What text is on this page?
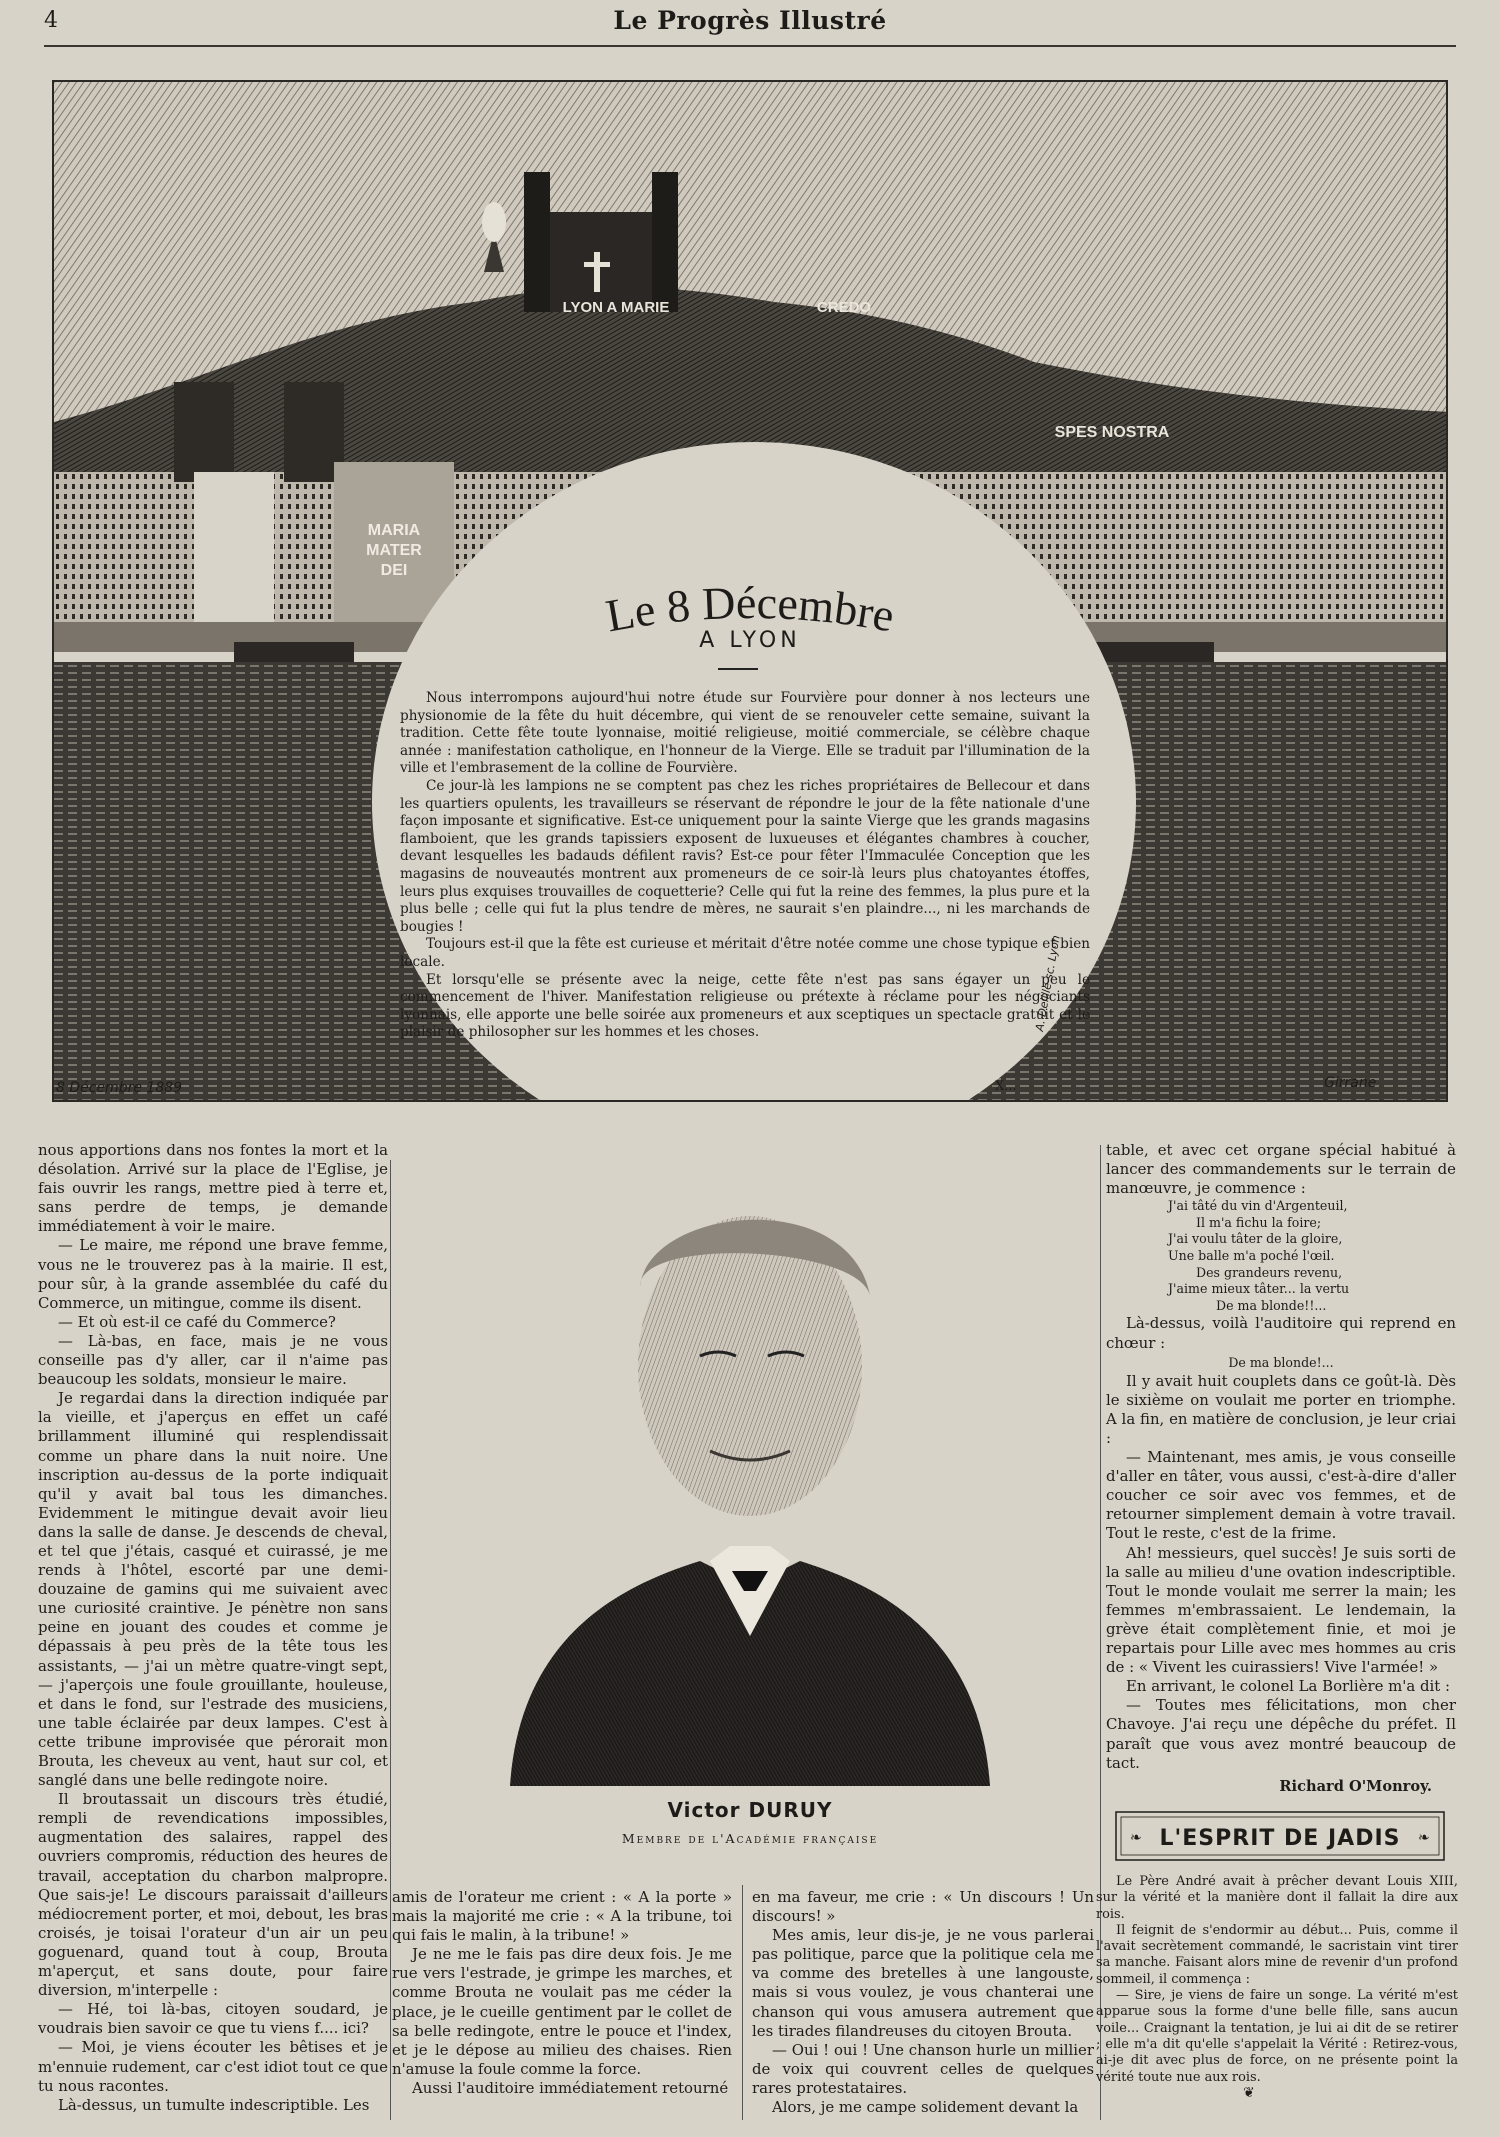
4	Le Progrès Illustré
LYON A MARIE	CREDO
SPES NOSTRA
MARIA
MATER
DEI
Le 8 Décembre
A LYON

Nous interrompons aujourd'hui notre étude sur Fourvière pour donner à nos lecteurs une physionomie de la fête du huit décembre, qui vient de se renouveler cette semaine, suivant la tradition. Cette fête toute lyonnaise, moitié religieuse, moitié commerciale, se célèbre chaque année : manifestation catholique, en l'honneur de la Vierge. Elle se traduit par l'illumination de la ville et l'embrasement de la colline de Fourvière.

Ce jour-là les lampions ne se comptent pas chez les riches propriétaires de Bellecour et dans les quartiers opulents, les travailleurs se réservant de répondre le jour de la fête nationale d'une façon imposante et significative. Est-ce uniquement pour la sainte Vierge que les grands magasins flamboient, que les grands tapissiers exposent de luxueuses et élégantes chambres à coucher, devant lesquelles les badauds défilent ravis? Est-ce pour fêter l'Immaculée Conception que les magasins de nouveautés montrent aux promeneurs de ce soir-là leurs plus chatoyantes étoffes, leurs plus exquises trouvailles de coquetterie? Celle qui fut la reine des femmes, la plus pure et la plus belle ; celle qui fut la plus tendre de mères, ne saurait s'en plaindre..., ni les marchands de bougies !

Toujours est-il que la fête est curieuse et méritait d'être notée comme une chose typique et bien locale.

Et lorsqu'elle se présente avec la neige, cette fête n'est pas sans égayer un peu le commencement de l'hiver. Manifestation religieuse ou prétexte à réclame pour les négociants lyonnais, elle apporte une belle soirée aux promeneurs et aux sceptiques un spectacle gratuit et le plaisir de philosopher sur les hommes et les choses.

X...
8 Décembre 1889	Girrane
A. Delille sc. Lyon

nous apportions dans nos fontes la mort et la désolation. Arrivé sur la place de l'Eglise, je fais ouvrir les rangs, mettre pied à terre et, sans perdre de temps, je demande immédiatement à voir le maire.

— Le maire, me répond une brave femme, vous ne le trouverez pas à la mairie. Il est, pour sûr, à la grande assemblée du café du Commerce, un mitingue, comme ils disent.

— Et où est-il ce café du Commerce?

— Là-bas, en face, mais je ne vous conseille pas d'y aller, car il n'aime pas beaucoup les soldats, monsieur le maire.

Je regardai dans la direction indiquée par la vieille, et j'aperçus en effet un café brillamment illuminé qui resplendissait comme un phare dans la nuit noire. Une inscription au-dessus de la porte indiquait qu'il y avait bal tous les dimanches. Evidemment le mitingue devait avoir lieu dans la salle de danse. Je descends de cheval, et tel que j'étais, casqué et cuirassé, je me rends à l'hôtel, escorté par une demi-douzaine de gamins qui me suivaient avec une curiosité craintive. Je pénètre non sans peine en jouant des coudes et comme je dépassais à peu près de la tête tous les assistants, — j'ai un mètre quatre-vingt sept, — j'aperçois une foule grouillante, houleuse, et dans le fond, sur l'estrade des musiciens, une table éclairée par deux lampes. C'est à cette tribune improvisée que pérorait mon Brouta, les cheveux au vent, haut sur col, et sanglé dans une belle redingote noire.

Il broutassait un discours très étudié, rempli de revendications impossibles, augmentation des salaires, rappel des ouvriers compromis, réduction des heures de travail, acceptation du charbon malpropre. Que sais-je! Le discours paraissait d'ailleurs médiocrement porter, et moi, debout, les bras croisés, je toisai l'orateur d'un air un peu goguenard, quand tout à coup, Brouta m'aperçut, et sans doute, pour faire diversion, m'interpelle :

— Hé, toi là-bas, citoyen soudard, je voudrais bien savoir ce que tu viens f.... ici?

— Moi, je viens écouter les bêtises et je m'ennuie rudement, car c'est idiot tout ce que tu nous racontes.

Là-dessus, un tumulte indescriptible. Les

Victor DURUY
Membre de l'Académie française

amis de l'orateur me crient : « A la porte » mais la majorité me crie : « A la tribune, toi qui fais le malin, à la tribune! »

Je ne me le fais pas dire deux fois. Je me rue vers l'estrade, je grimpe les marches, et comme Brouta ne voulait pas me céder la place, je le cueille gentiment par le collet de sa belle redingote, entre le pouce et l'index, et je le dépose au milieu des chaises. Rien n'amuse la foule comme la force.

Aussi l'auditoire immédiatement retourné

en ma faveur, me crie : « Un discours ! Un discours! »

Mes amis, leur dis-je, je ne vous parlerai pas politique, parce que la politique cela me va comme des bretelles à une langouste, mais si vous voulez, je vous chanterai une chanson qui vous amusera autrement que les tirades filandreuses du citoyen Brouta.

— Oui ! oui ! Une chanson hurle un millier de voix qui couvrent celles de quelques rares protestataires.

Alors, je me campe solidement devant la

table, et avec cet organe spécial habitué à lancer des commandements sur le terrain de manœuvre, je commence :

J'ai tâté du vin d'Argenteuil,
Il m'a fichu la foire;
J'ai voulu tâter de la gloire,
Une balle m'a poché l'œil.
Des grandeurs revenu,
J'aime mieux tâter... la vertu
De ma blonde!!...

Là-dessus, voilà l'auditoire qui reprend en chœur :

De ma blonde!...

Il y avait huit couplets dans ce goût-là. Dès le sixième on voulait me porter en triomphe. A la fin, en matière de conclusion, je leur criai :

— Maintenant, mes amis, je vous conseille d'aller en tâter, vous aussi, c'est-à-dire d'aller coucher ce soir avec vos femmes, et de retourner simplement demain à votre travail. Tout le reste, c'est de la frime.

Ah! messieurs, quel succès! Je suis sorti de la salle au milieu d'une ovation indescriptible. Tout le monde voulait me serrer la main; les femmes m'embrassaient. Le lendemain, la grève était complètement finie, et moi je repartais pour Lille avec mes hommes au cris de : « Vivent les cuirassiers! Vive l'armée! »

En arrivant, le colonel La Borlière m'a dit :

— Toutes mes félicitations, mon cher Chavoye. J'ai reçu une dépêche du préfet. Il paraît que vous avez montré beaucoup de tact.

Richard O'Monroy.
❧	❧
L'ESPRIT DE JADIS

Le Père André avait à prêcher devant Louis XIII, sur la vérité et la manière dont il fallait la dire aux rois.

Il feignit de s'endormir au début... Puis, comme il l'avait secrètement commandé, le sacristain vint tirer sa manche. Faisant alors mine de revenir d'un profond sommeil, il commença :

— Sire, je viens de faire un songe. La vérité m'est apparue sous la forme d'une belle fille, sans aucun voile... Craignant la tentation, je lui ai dit de se retirer ; elle m'a dit qu'elle s'appelait la Vérité : Retirez-vous, ai-je dit avec plus de force, on ne présente point la vérité toute nue aux rois.

❦
